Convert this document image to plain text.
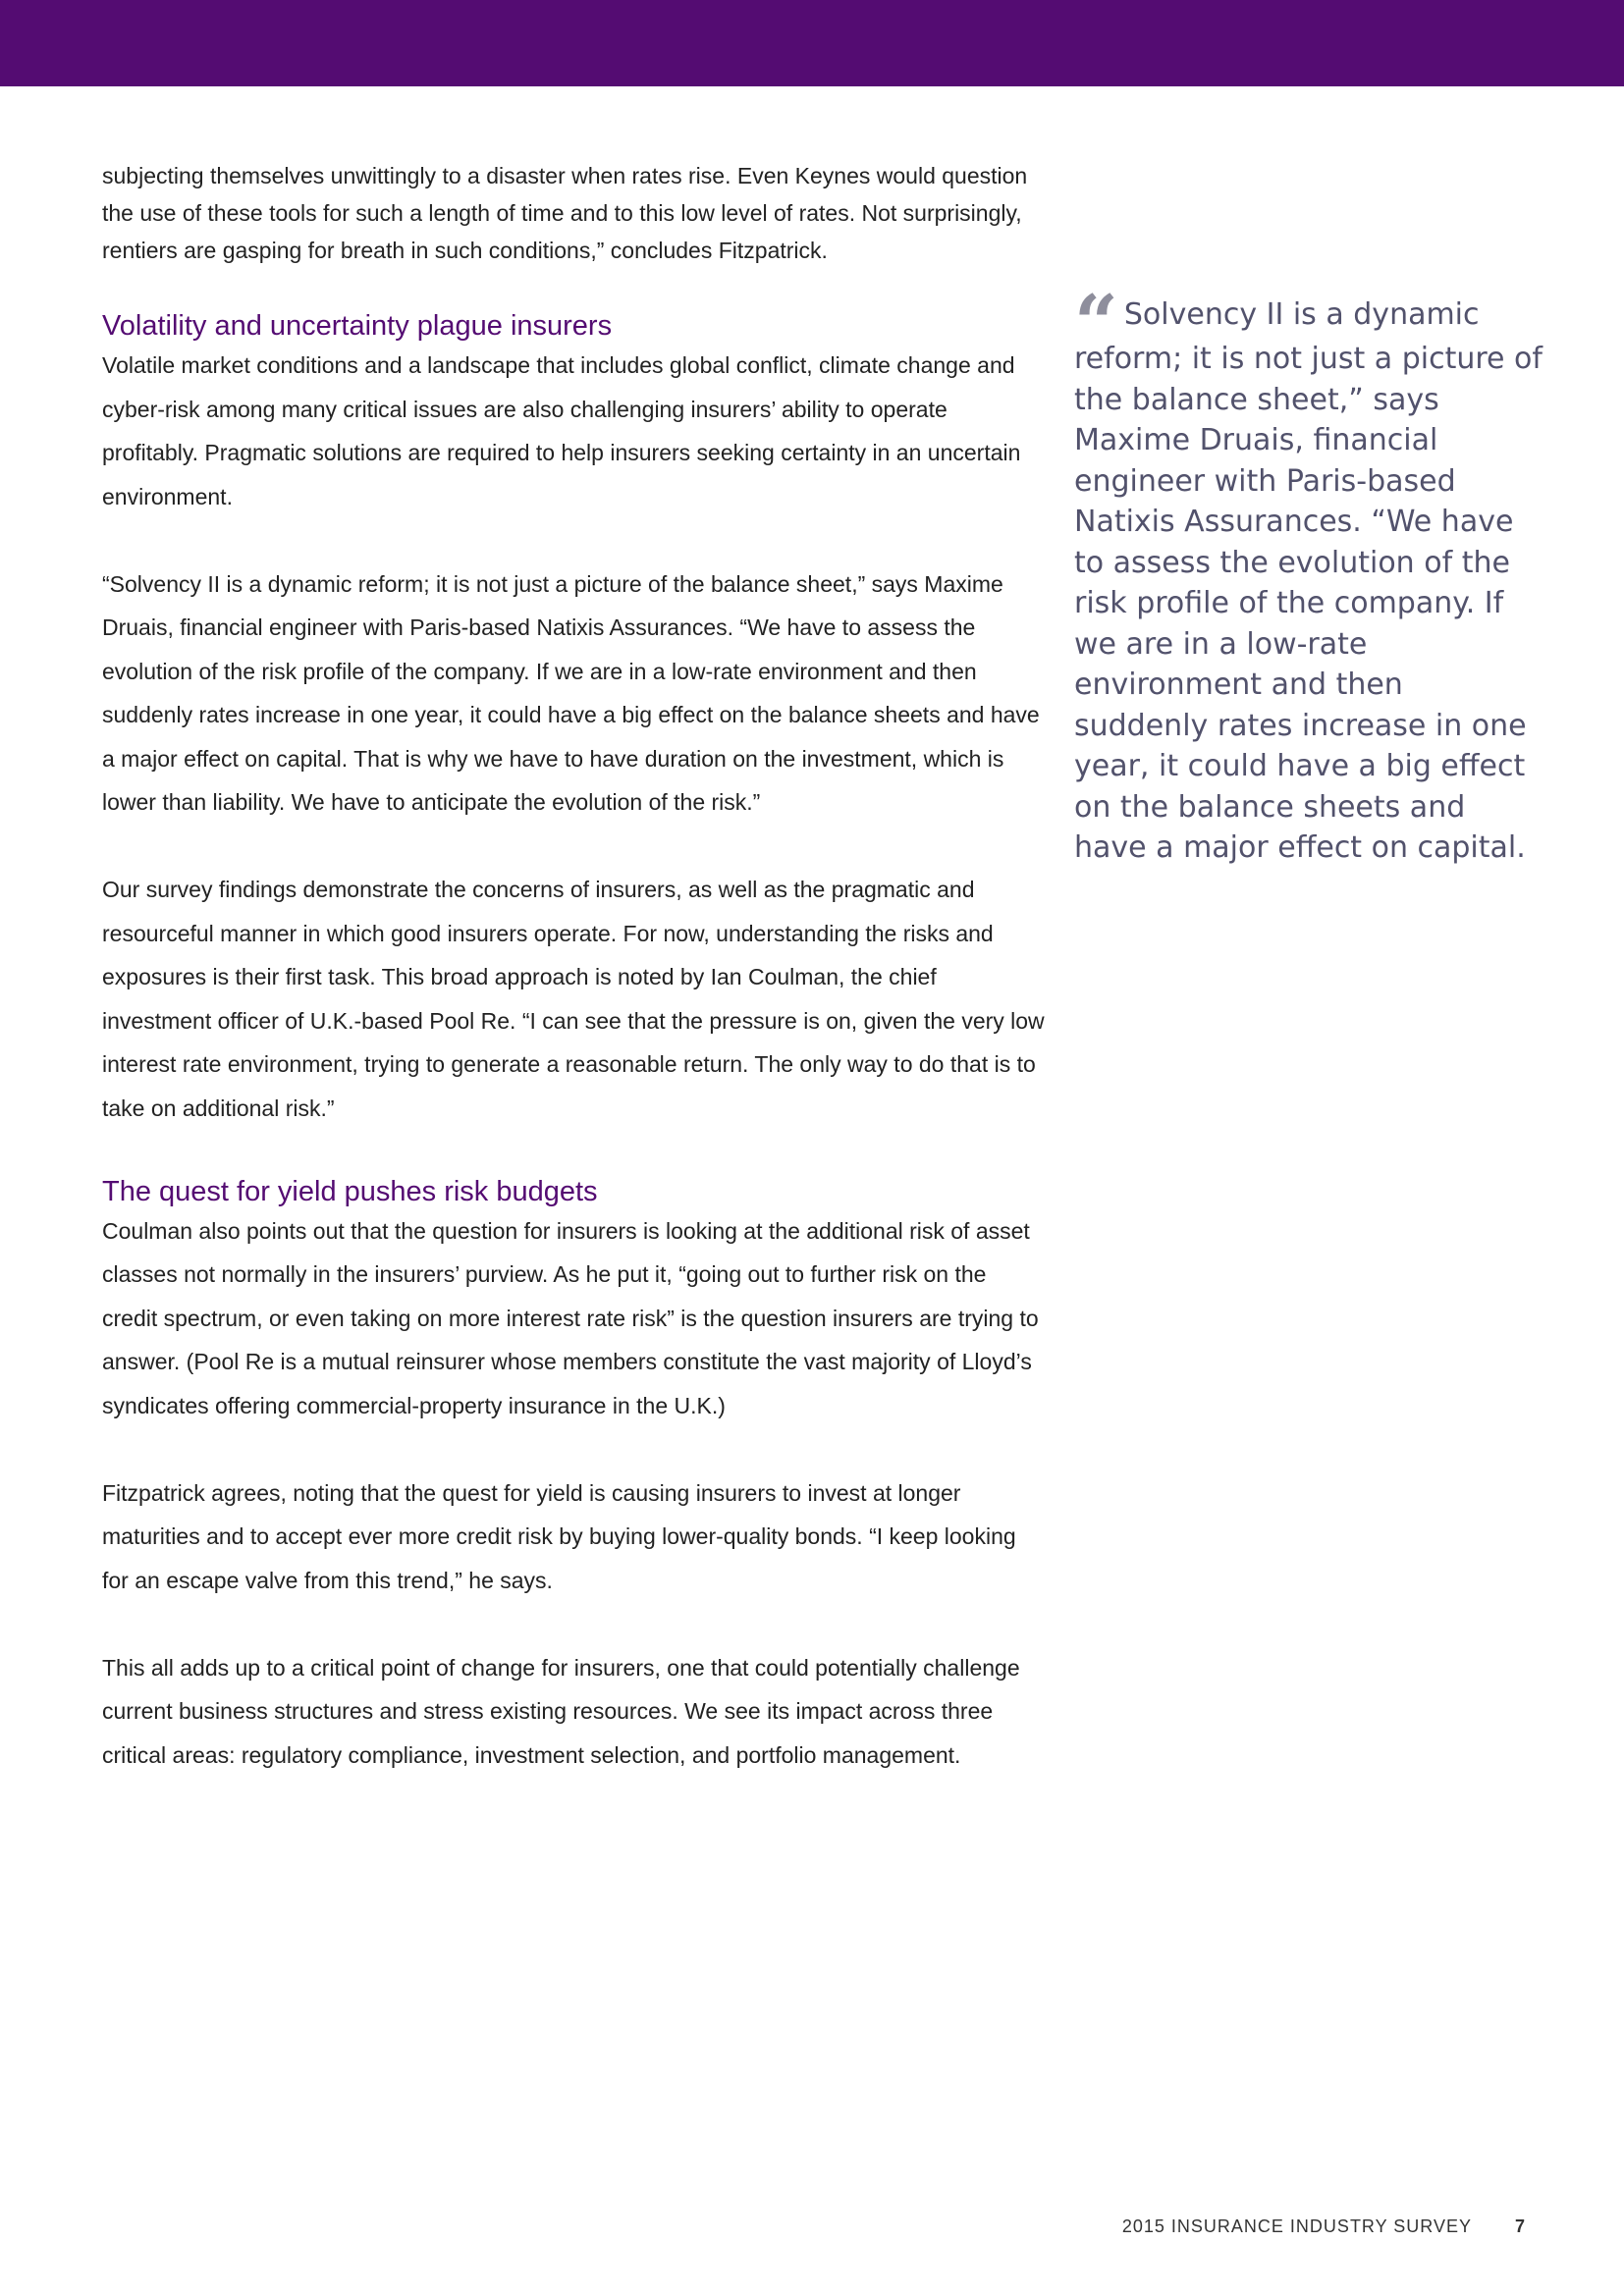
subjecting themselves unwittingly to a disaster when rates rise. Even Keynes would question the use of these tools for such a length of time and to this low level of rates. Not surprisingly, rentiers are gasping for breath in such conditions,” concludes Fitzpatrick.

Volatility and uncertainty plague insurers

Volatile market conditions and a landscape that includes global conflict, climate change and cyber-risk among many critical issues are also challenging insurers’ ability to operate profitably. Pragmatic solutions are required to help insurers seeking certainty in an uncertain environment.

“Solvency II is a dynamic reform; it is not just a picture of the balance sheet,” says Maxime Druais, financial engineer with Paris-based Natixis Assurances. “We have to assess the evolution of the risk profile of the company. If we are in a low-rate environment and then suddenly rates increase in one year, it could have a big effect on the balance sheets and have a major effect on capital. That is why we have to have duration on the investment, which is lower than liability. We have to anticipate the evolution of the risk.”

Our survey findings demonstrate the concerns of insurers, as well as the pragmatic and resourceful manner in which good insurers operate. For now, understanding the risks and exposures is their first task. This broad approach is noted by Ian Coulman, the chief investment officer of U.K.-based Pool Re. “I can see that the pressure is on, given the very low interest rate environment, trying to generate a reasonable return. The only way to do that is to take on additional risk.”

The quest for yield pushes risk budgets

Coulman also points out that the question for insurers is looking at the additional risk of asset classes not normally in the insurers’ purview. As he put it, “going out to further risk on the credit spectrum, or even taking on more interest rate risk” is the question insurers are trying to answer. (Pool Re is a mutual reinsurer whose members constitute the vast majority of Lloyd’s syndicates offering commercial-property insurance in the U.K.)

Fitzpatrick agrees, noting that the quest for yield is causing insurers to invest at longer maturities and to accept ever more credit risk by buying lower-quality bonds. “I keep looking for an escape valve from this trend,” he says.

This all adds up to a critical point of change for insurers, one that could potentially challenge current business structures and stress existing resources. We see its impact across three critical areas: regulatory compliance, investment selection, and portfolio management.

“ Solvency II is a dynamic reform; it is not just a picture of the balance sheet,” says Maxime Druais, financial engineer with Paris-based Natixis Assurances. “We have to assess the evolution of the risk profile of the company. If we are in a low-rate environment and then suddenly rates increase in one year, it could have a big effect on the balance sheets and have a major effect on capital.

2015 INSURANCE INDUSTRY SURVEY 7
